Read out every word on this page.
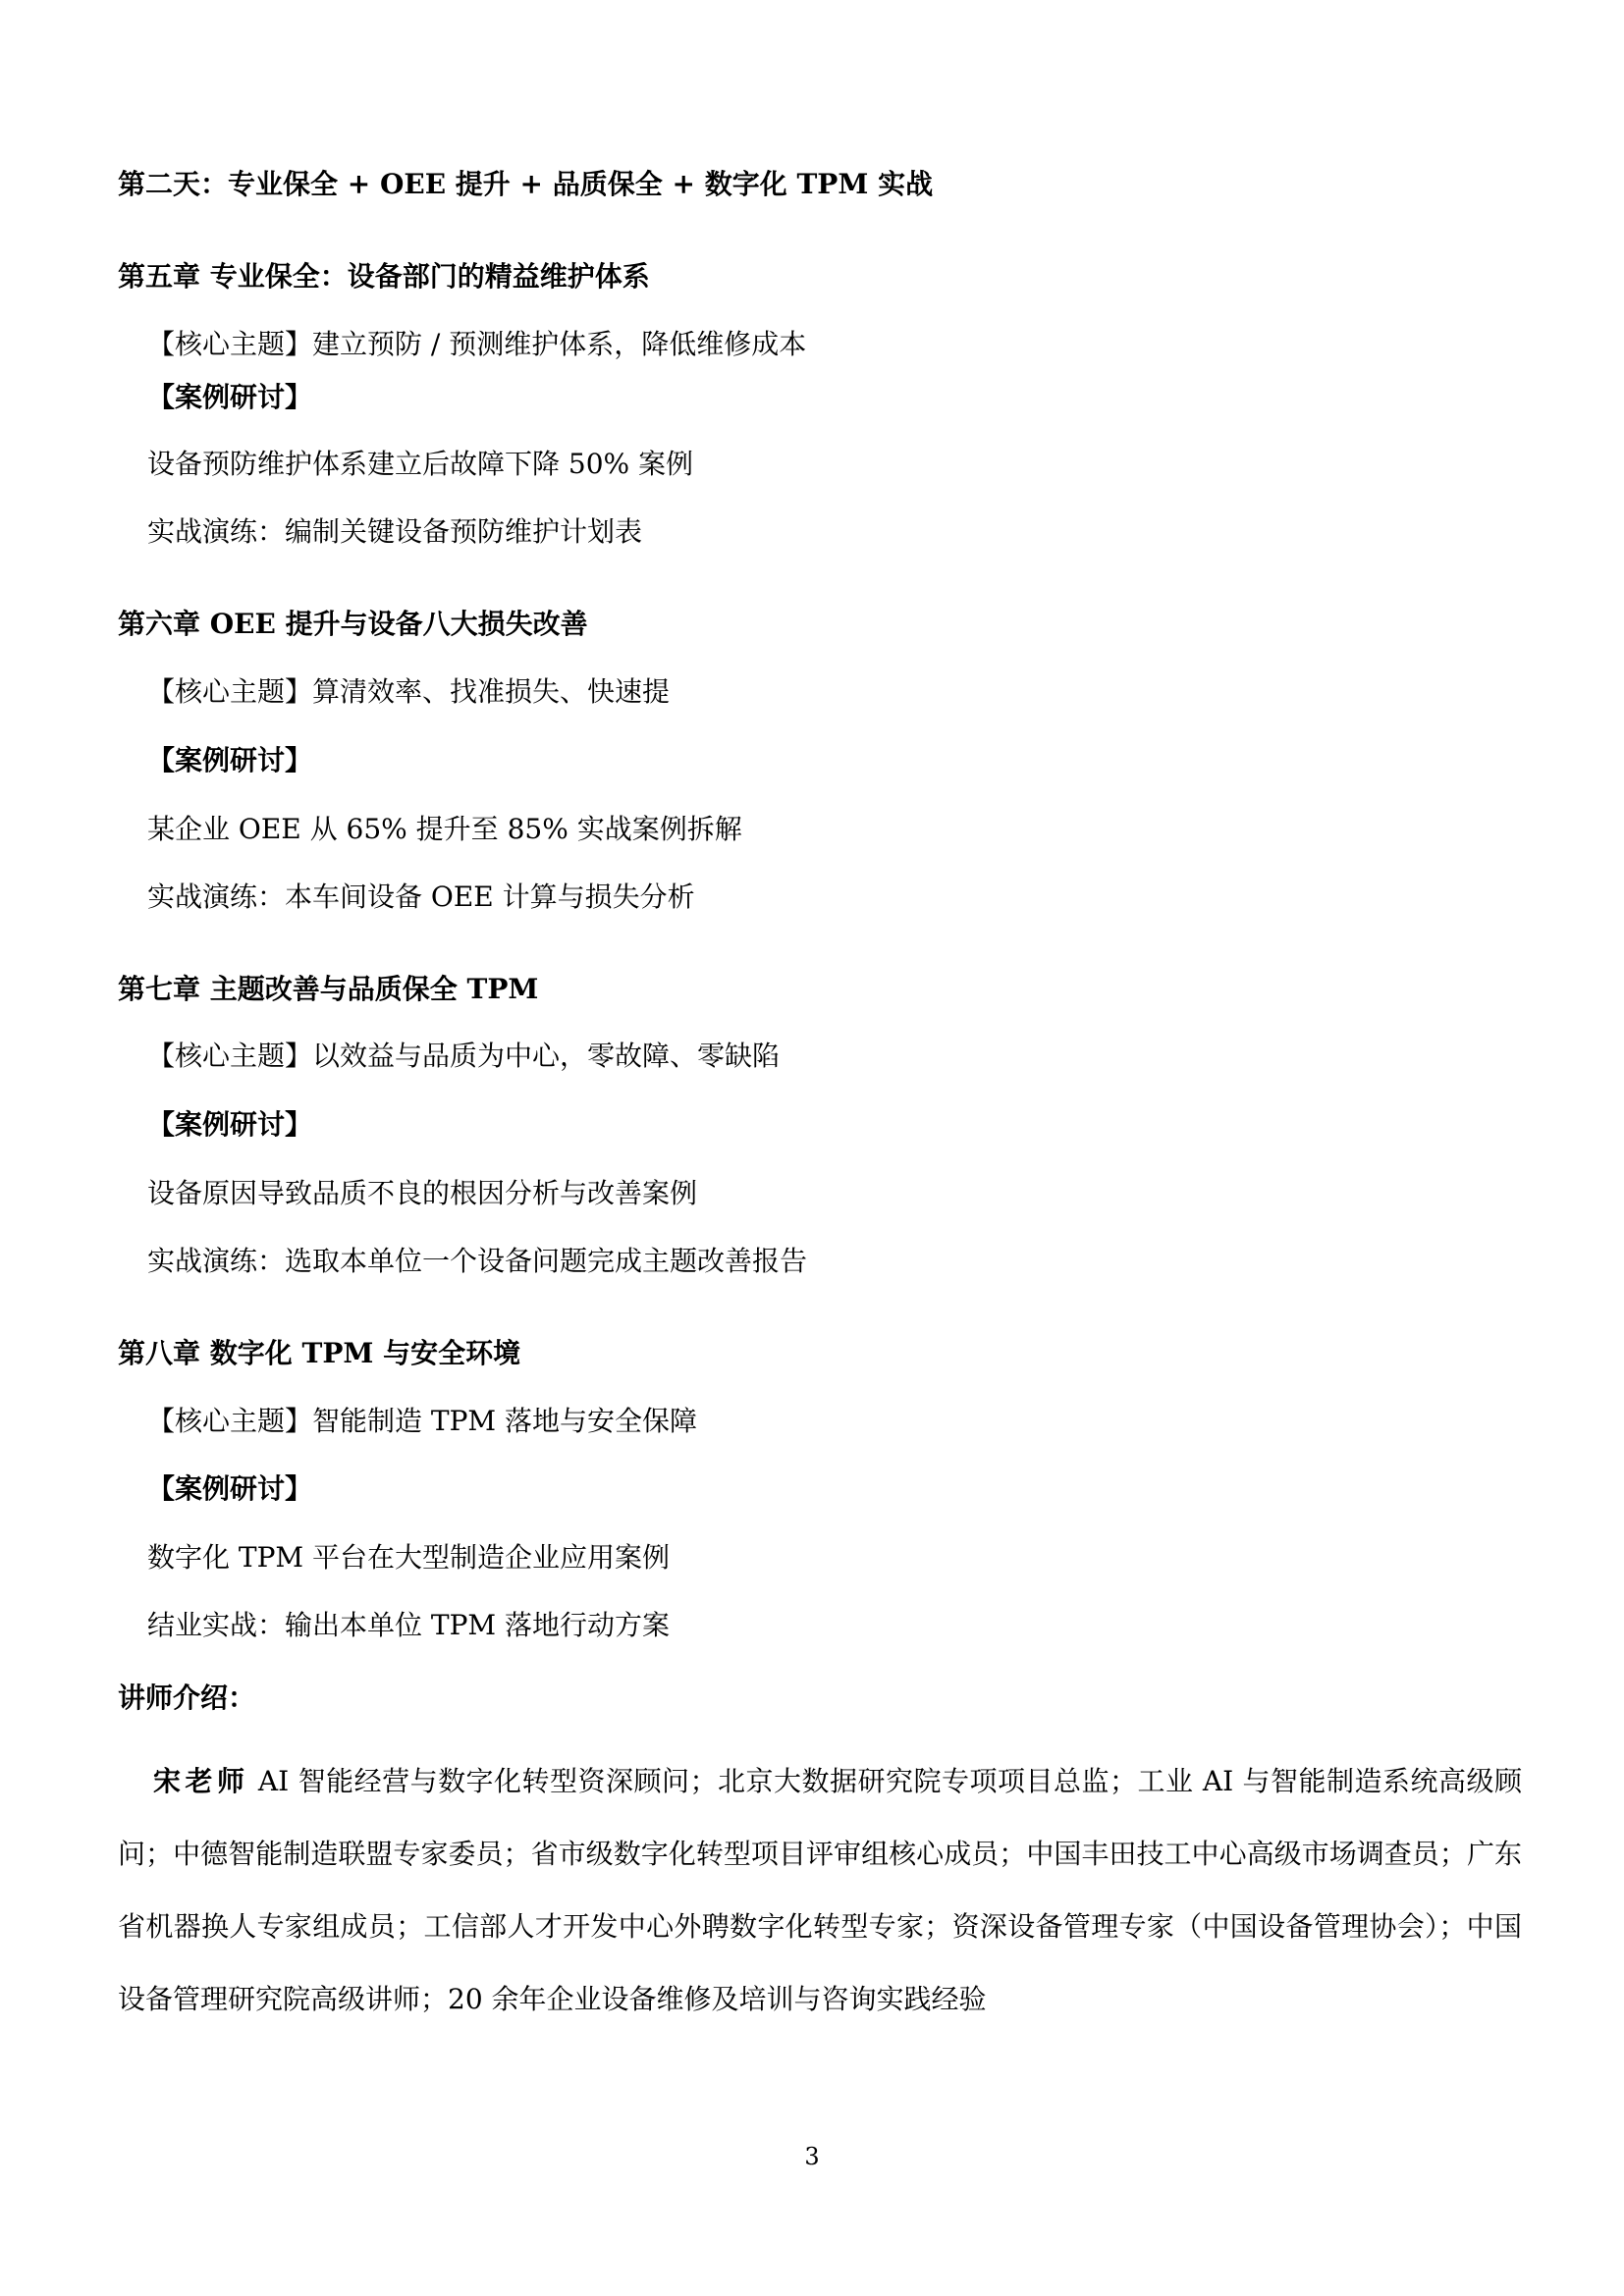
第二天：专业保全 + OEE 提升 + 品质保全 + 数字化 TPM 实战
第五章 专业保全：设备部门的精益维护体系
【核心主题】建立预防 / 预测维护体系，降低维修成本
【案例研讨】
设备预防维护体系建立后故障下降 50% 案例
实战演练：编制关键设备预防维护计划表
第六章 OEE 提升与设备八大损失改善
【核心主题】算清效率、找准损失、快速提
【案例研讨】
某企业 OEE 从 65% 提升至 85% 实战案例拆解
实战演练：本车间设备 OEE 计算与损失分析
第七章 主题改善与品质保全 TPM
【核心主题】以效益与品质为中心，零故障、零缺陷
【案例研讨】
设备原因导致品质不良的根因分析与改善案例
实战演练：选取本单位一个设备问题完成主题改善报告
第八章 数字化 TPM 与安全环境
【核心主题】智能制造 TPM 落地与安全保障
【案例研讨】
数字化 TPM 平台在大型制造企业应用案例
结业实战：输出本单位 TPM 落地行动方案
讲师介绍：
宋老师 AI 智能经营与数字化转型资深顾问；北京大数据研究院专项项目总监；工业 AI 与智能制造系统高级顾问；中德智能制造联盟专家委员；省市级数字化转型项目评审组核心成员；中国丰田技工中心高级市场调查员；广东省机器换人专家组成员；工信部人才开发中心外聘数字化转型专家；资深设备管理专家（中国设备管理协会）；中国设备管理研究院高级讲师；20 余年企业设备维修及培训与咨询实践经验
3
